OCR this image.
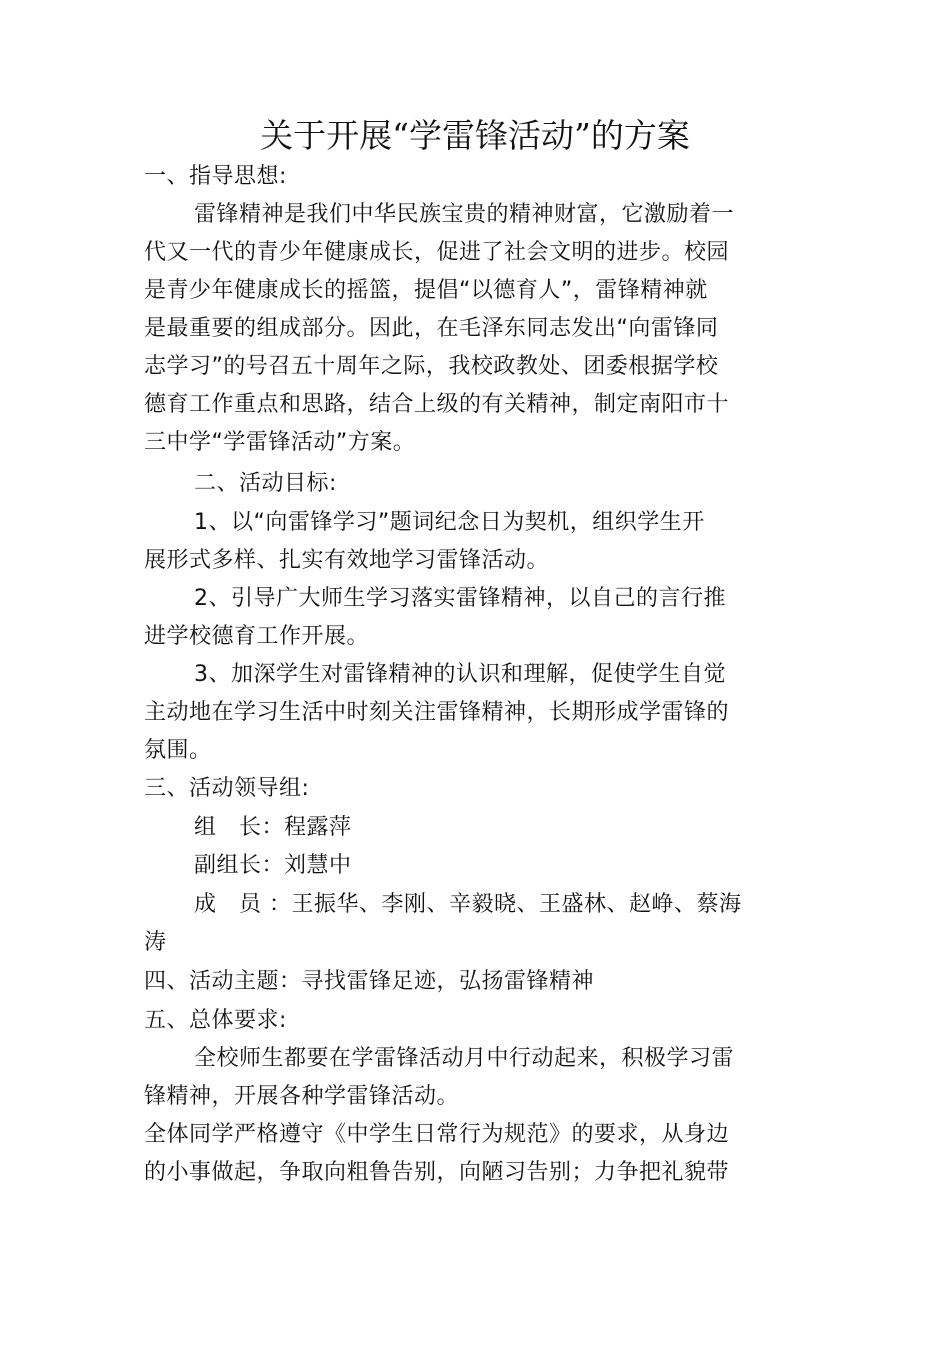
关于开展“学雷锋活动”的方案
一、指导思想:
雷锋精神是我们中华民族宝贵的精神财富，它激励着一
代又一代的青少年健康成长，促进了社会文明的进步。校园
是青少年健康成长的摇篮，提倡“以德育人”，雷锋精神就
是最重要的组成部分。因此，在毛泽东同志发出“向雷锋同
志学习”的号召五十周年之际，我校政教处、团委根据学校
德育工作重点和思路，结合上级的有关精神，制定南阳市十
三中学“学雷锋活动”方案。
二、活动目标:
1、以“向雷锋学习”题词纪念日为契机，组织学生开
展形式多样、扎实有效地学习雷锋活动。
2、引导广大师生学习落实雷锋精神，以自己的言行推
进学校德育工作开展。
3、加深学生对雷锋精神的认识和理解，促使学生自觉
主动地在学习生活中时刻关注雷锋精神，长期形成学雷锋的
氛围。
三、活动领导组:
组　长：程露萍
副组长：刘慧中
成　员 ：王振华、李刚、辛毅晓、王盛林、赵峥、蔡海
涛
四、活动主题：寻找雷锋足迹，弘扬雷锋精神
五、总体要求:
全校师生都要在学雷锋活动月中行动起来，积极学习雷
锋精神，开展各种学雷锋活动。
全体同学严格遵守《中学生日常行为规范》的要求，从身边
的小事做起，争取向粗鲁告别，向陋习告别；力争把礼貌带
